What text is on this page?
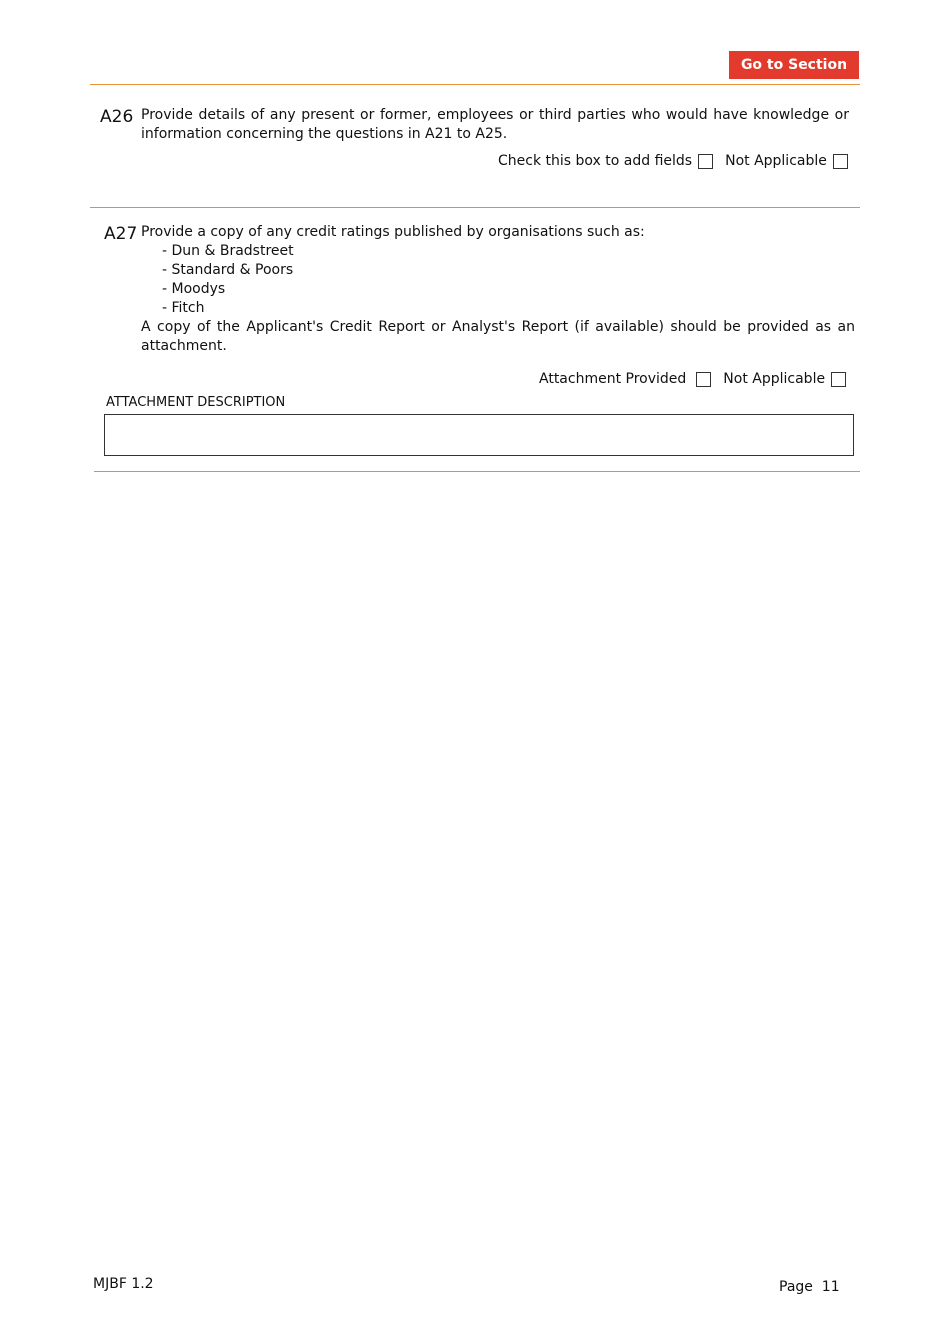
Go to Section
A26 Provide details of any present or former, employees or third parties who would have knowledge or
information concerning the questions in A21 to A25.
Check this box to add fields Not Applicable
A27 Provide a copy of any credit ratings published by organisations such as:
- Dun & Bradstreet
- Standard & Poors
- Moodys
- Fitch
A copy of the Applicant's Credit Report or Analyst's Report (if available) should be provided as an
attachment.
Attachment Provided	Not Applicable
ATTACHMENT DESCRIPTION
MJBF 1.2	Page  11
